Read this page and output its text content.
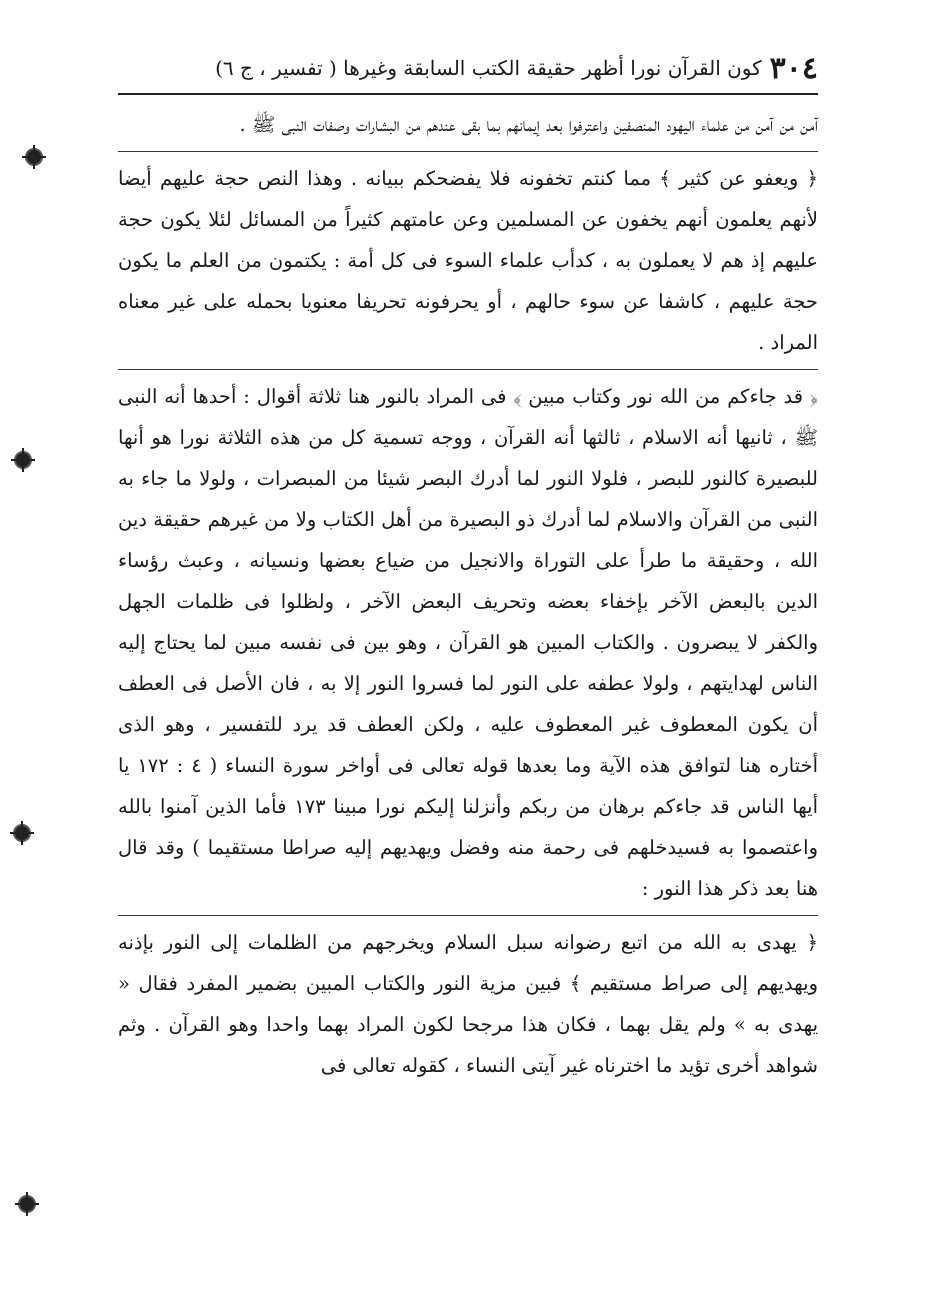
٣٠٤
كون القرآن نورا أظهر حقيقة الكتب السابقة وغيرها ( تفسير ، ج ٦)

آمن من آمن من علماء اليهود المنصفين واعترفوا بعد إيمانهم بما بقى عندهم من البشارات وصفات النبى ﷺ .

﴿ ويعفو عن كثير ﴾ مما كنتم تخفونه فلا يفضحكم ببيانه . وهذا النص حجة عليهم أيضا لأنهم يعلمون أنهم يخفون عن المسلمين وعن عامتهم كثيراً من المسائل لئلا يكون حجة عليهم إذ هم لا يعملون به ، كدأب علماء السوء فى كل أمة : يكتمون من العلم ما يكون حجة عليهم ، كاشفا عن سوء حالهم ، أو يحرفونه تحريفا معنويا بحمله على غير معناه المراد .

﴿ قد جاءكم من الله نور وكتاب مبين ﴾ فى المراد بالنور هنا ثلاثة أقوال : أحدها أنه النبى ﷺ ، ثانيها أنه الاسلام ، ثالثها أنه القرآن ، ووجه تسمية كل من هذه الثلاثة نورا هو أنها للبصيرة كالنور للبصر ، فلولا النور لما أدرك البصر شيئا من المبصرات ، ولولا ما جاء به النبى من القرآن والاسلام لما أدرك ذو البصيرة من أهل الكتاب ولا من غيرهم حقيقة دين الله ، وحقيقة ما طرأ على التوراة والانجيل من ضياع بعضها ونسيانه ، وعبث رؤساء الدين بالبعض الآخر بإخفاء بعضه وتحريف البعض الآخر ، ولظلوا فى ظلمات الجهل والكفر لا يبصرون . والكتاب المبين هو القرآن ، وهو بين فى نفسه مبين لما يحتاج إليه الناس لهدايتهم ، ولولا عطفه على النور لما فسروا النور إلا به ، فان الأصل فى العطف أن يكون المعطوف غير المعطوف عليه ، ولكن العطف قد يرد للتفسير ، وهو الذى أختاره هنا لتوافق هذه الآية وما بعدها قوله تعالى فى أواخر سورة النساء ( ٤ : ١٧٢ يا أيها الناس قد جاءكم برهان من ربكم وأنزلنا إليكم نورا مبينا ١٧٣ فأما الذين آمنوا بالله واعتصموا به فسيدخلهم فى رحمة منه وفضل ويهديهم إليه صراطا مستقيما ) وقد قال هنا بعد ذكر هذا النور :

﴿ يهدى به الله من اتبع رضوانه سبل السلام ويخرجهم من الظلمات إلى النور بإذنه ويهديهم إلى صراط مستقيم ﴾ فبين مزية النور والكتاب المبين بضمير المفرد فقال « يهدى به » ولم يقل بهما ، فكان هذا مرجحا لكون المراد بهما واحدا وهو القرآن . وثم شواهد أخرى تؤيد ما اخترناه غير آيتى النساء ، كقوله تعالى فى
